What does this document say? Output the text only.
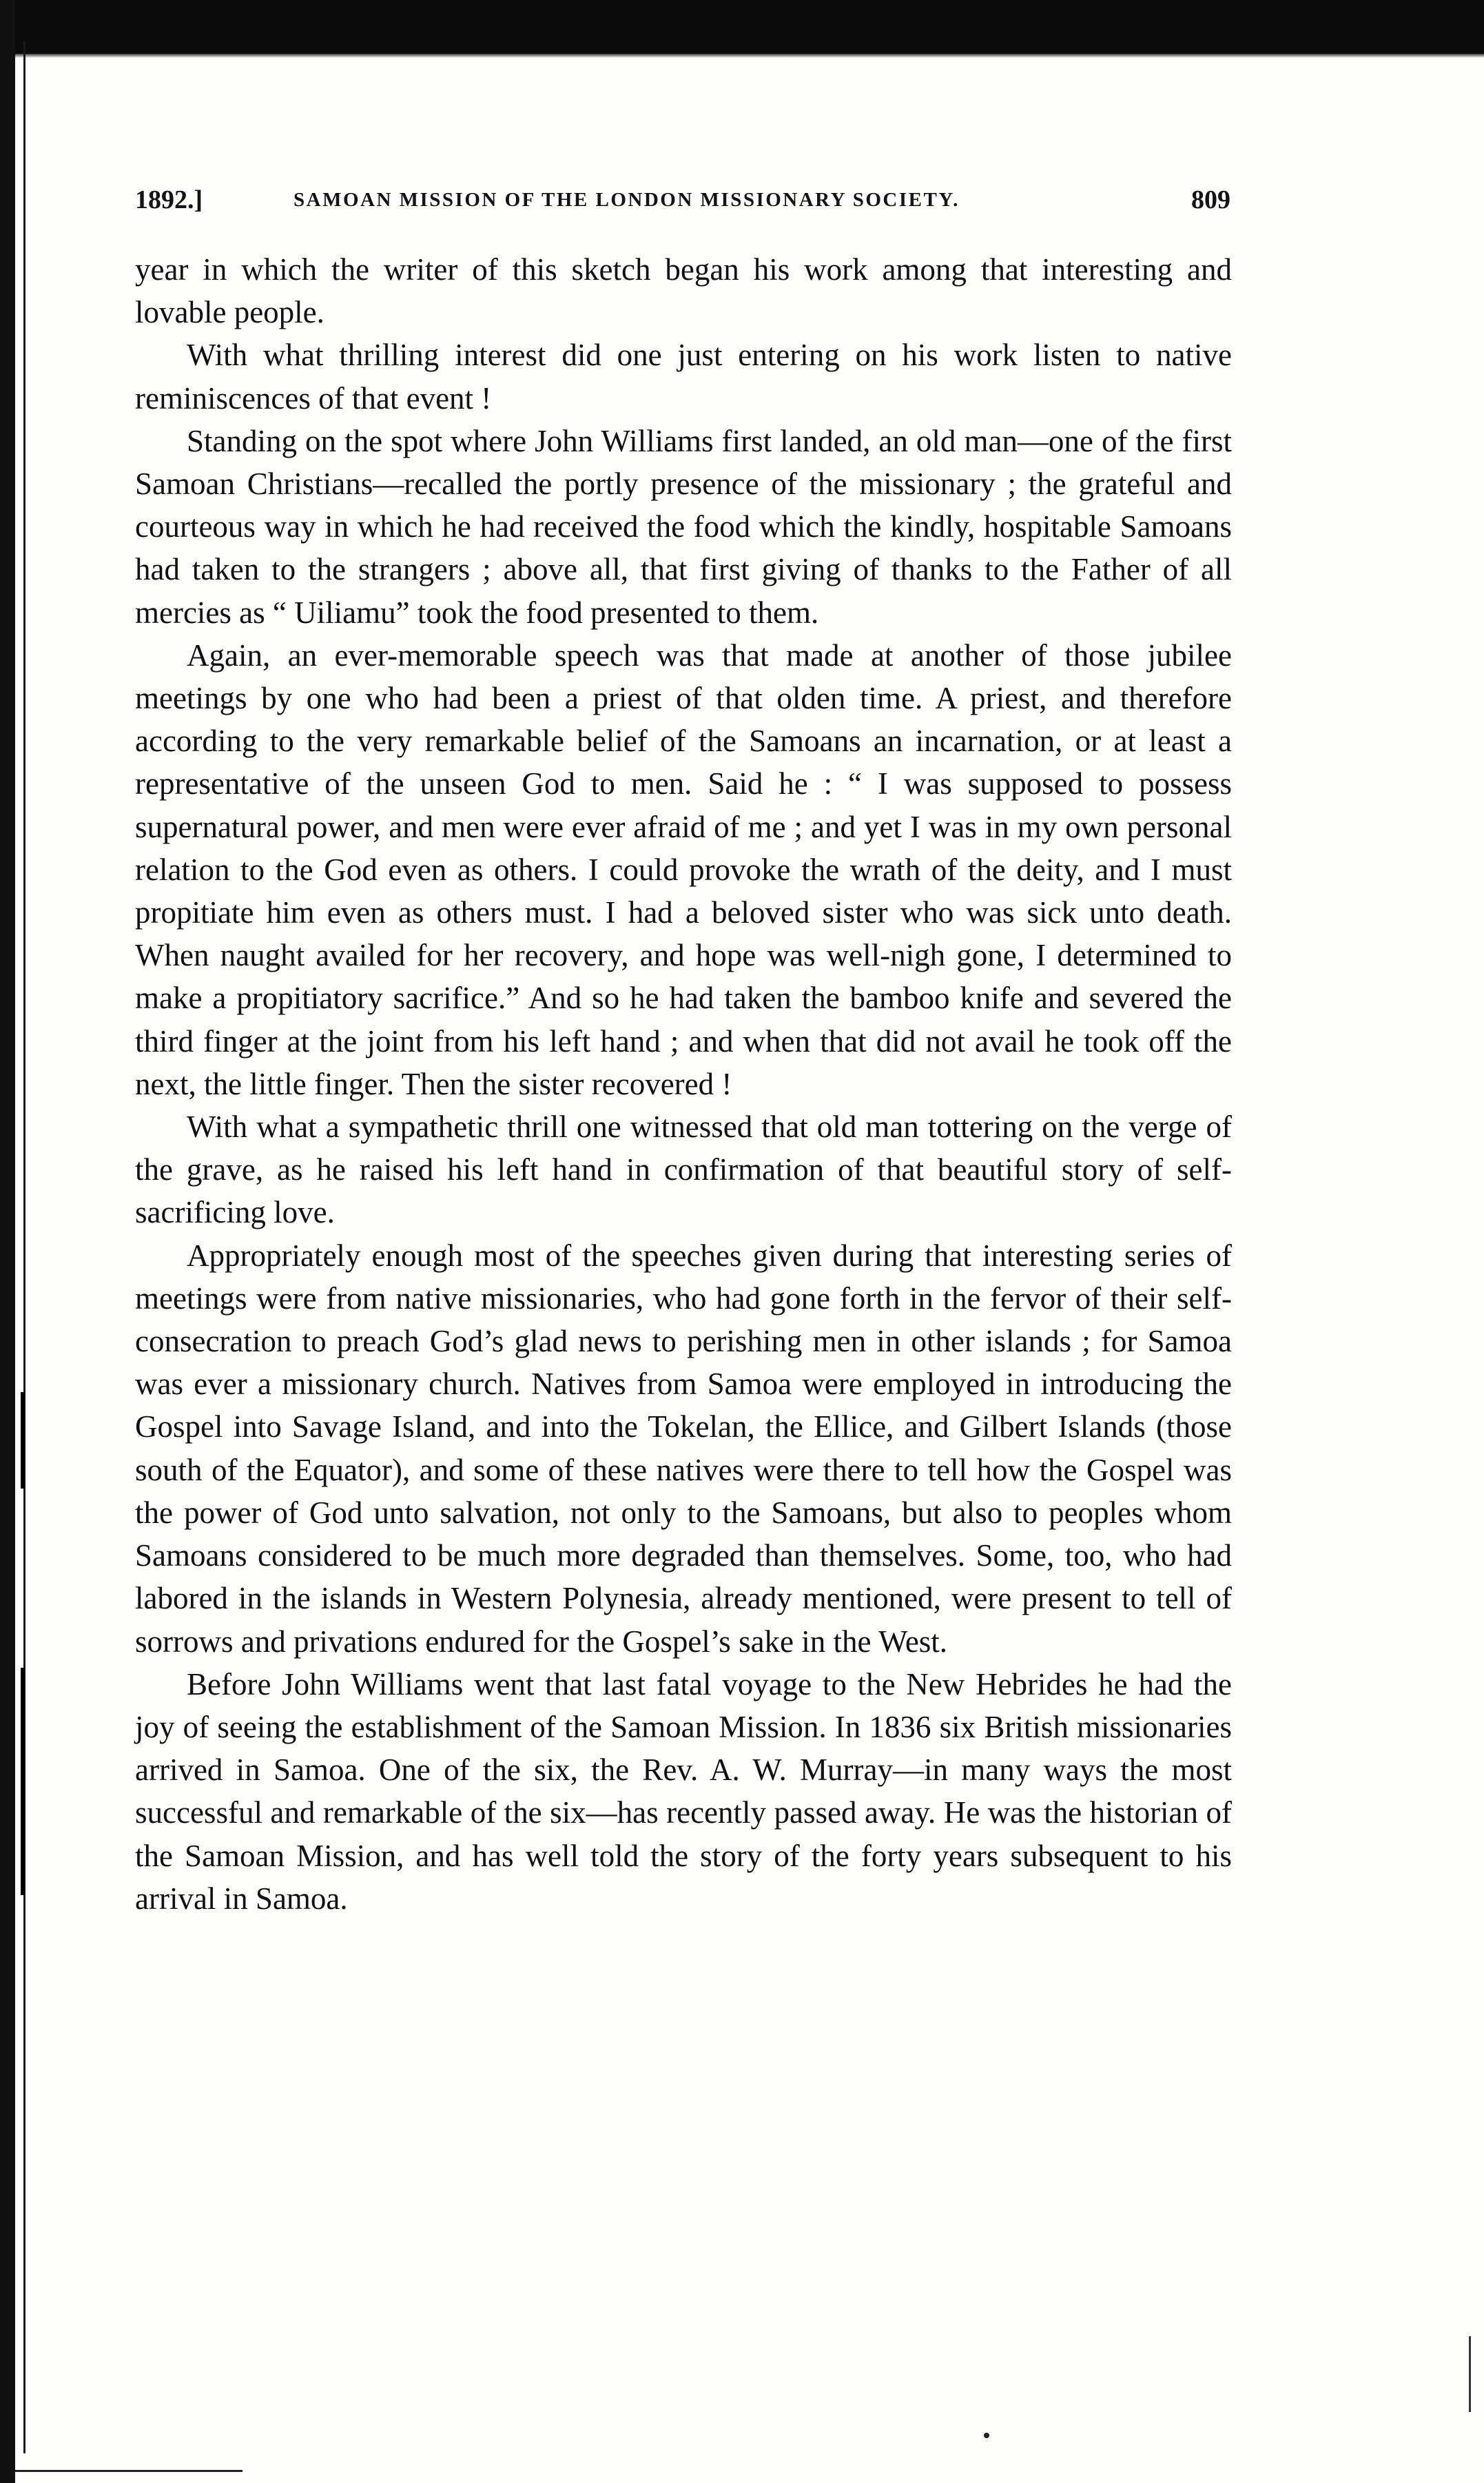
1892.]	SAMOAN MISSION OF THE LONDON MISSIONARY SOCIETY.	809

year in which the writer of this sketch began his work among that interesting and lovable people.

With what thrilling interest did one just entering on his work listen to native reminiscences of that event !

Standing on the spot where John Williams first landed, an old man—one of the first Samoan Christians—recalled the portly presence of the missionary ; the grateful and courteous way in which he had received the food which the kindly, hospitable Samoans had taken to the strangers ; above all, that first giving of thanks to the Father of all mercies as “ Uiliamu” took the food presented to them.

Again, an ever-memorable speech was that made at another of those jubilee meetings by one who had been a priest of that olden time. A priest, and therefore according to the very remarkable belief of the Samoans an incarnation, or at least a representative of the unseen God to men. Said he : “ I was supposed to possess supernatural power, and men were ever afraid of me ; and yet I was in my own personal relation to the God even as others. I could provoke the wrath of the deity, and I must propitiate him even as others must. I had a beloved sister who was sick unto death. When naught availed for her recovery, and hope was well-nigh gone, I determined to make a propitiatory sacrifice.” And so he had taken the bamboo knife and severed the third finger at the joint from his left hand ; and when that did not avail he took off the next, the little finger. Then the sister recovered !

With what a sympathetic thrill one witnessed that old man tottering on the verge of the grave, as he raised his left hand in confirmation of that beautiful story of self-sacrificing love.

Appropriately enough most of the speeches given during that interesting series of meetings were from native missionaries, who had gone forth in the fervor of their self-consecration to preach God’s glad news to perishing men in other islands ; for Samoa was ever a missionary church. Natives from Samoa were employed in introducing the Gospel into Savage Island, and into the Tokelan, the Ellice, and Gilbert Islands (those south of the Equator), and some of these natives were there to tell how the Gospel was the power of God unto salvation, not only to the Samoans, but also to peoples whom Samoans considered to be much more degraded than themselves. Some, too, who had labored in the islands in Western Polynesia, already mentioned, were present to tell of sorrows and privations endured for the Gospel’s sake in the West.

Before John Williams went that last fatal voyage to the New Hebrides he had the joy of seeing the establishment of the Samoan Mission. In 1836 six British missionaries arrived in Samoa. One of the six, the Rev. A. W. Murray—in many ways the most successful and remarkable of the six—has recently passed away. He was the historian of the Samoan Mission, and has well told the story of the forty years subsequent to his arrival in Samoa.
